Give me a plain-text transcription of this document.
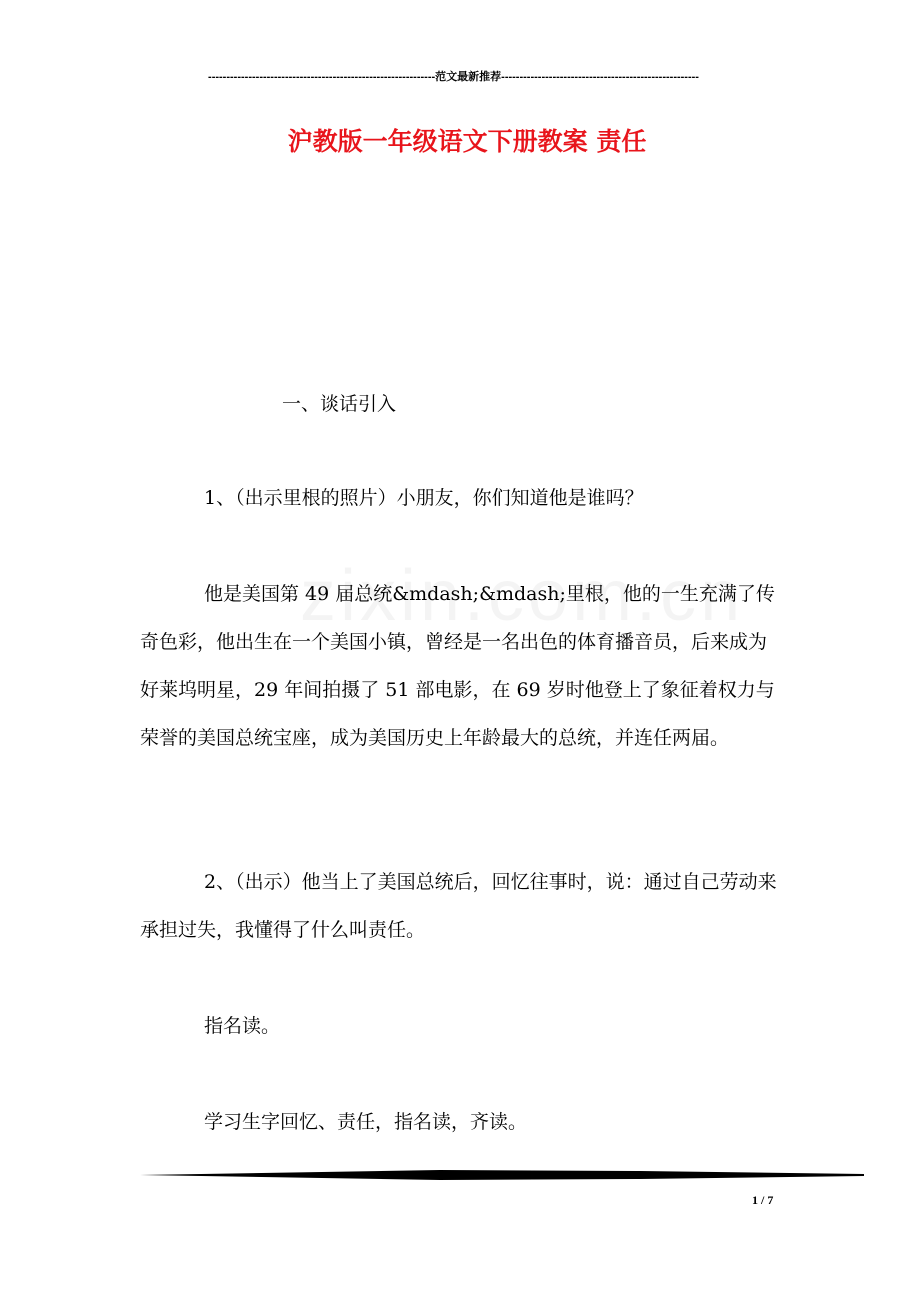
--------------------------------------------------------------范文最新推荐------------------------------------------------------
沪教版一年级语文下册教案 责任

一、谈话引入

1、（出示里根的照片）小朋友，你们知道他是谁吗？

他是美国第 49 届总统&mdash;&mdash;里根，他的一生充满了传奇色彩，他出生在一个美国小镇，曾经是一名出色的体育播音员，后来成为好莱坞明星，29 年间拍摄了 51 部电影，在 69 岁时他登上了象征着权力与荣誉的美国总统宝座，成为美国历史上年龄最大的总统，并连任两届。

2、（出示）他当上了美国总统后，回忆往事时，说：通过自己劳动来承担过失，我懂得了什么叫责任。

指名读。

学习生字回忆、责任，指名读，齐读。

1 / 7
